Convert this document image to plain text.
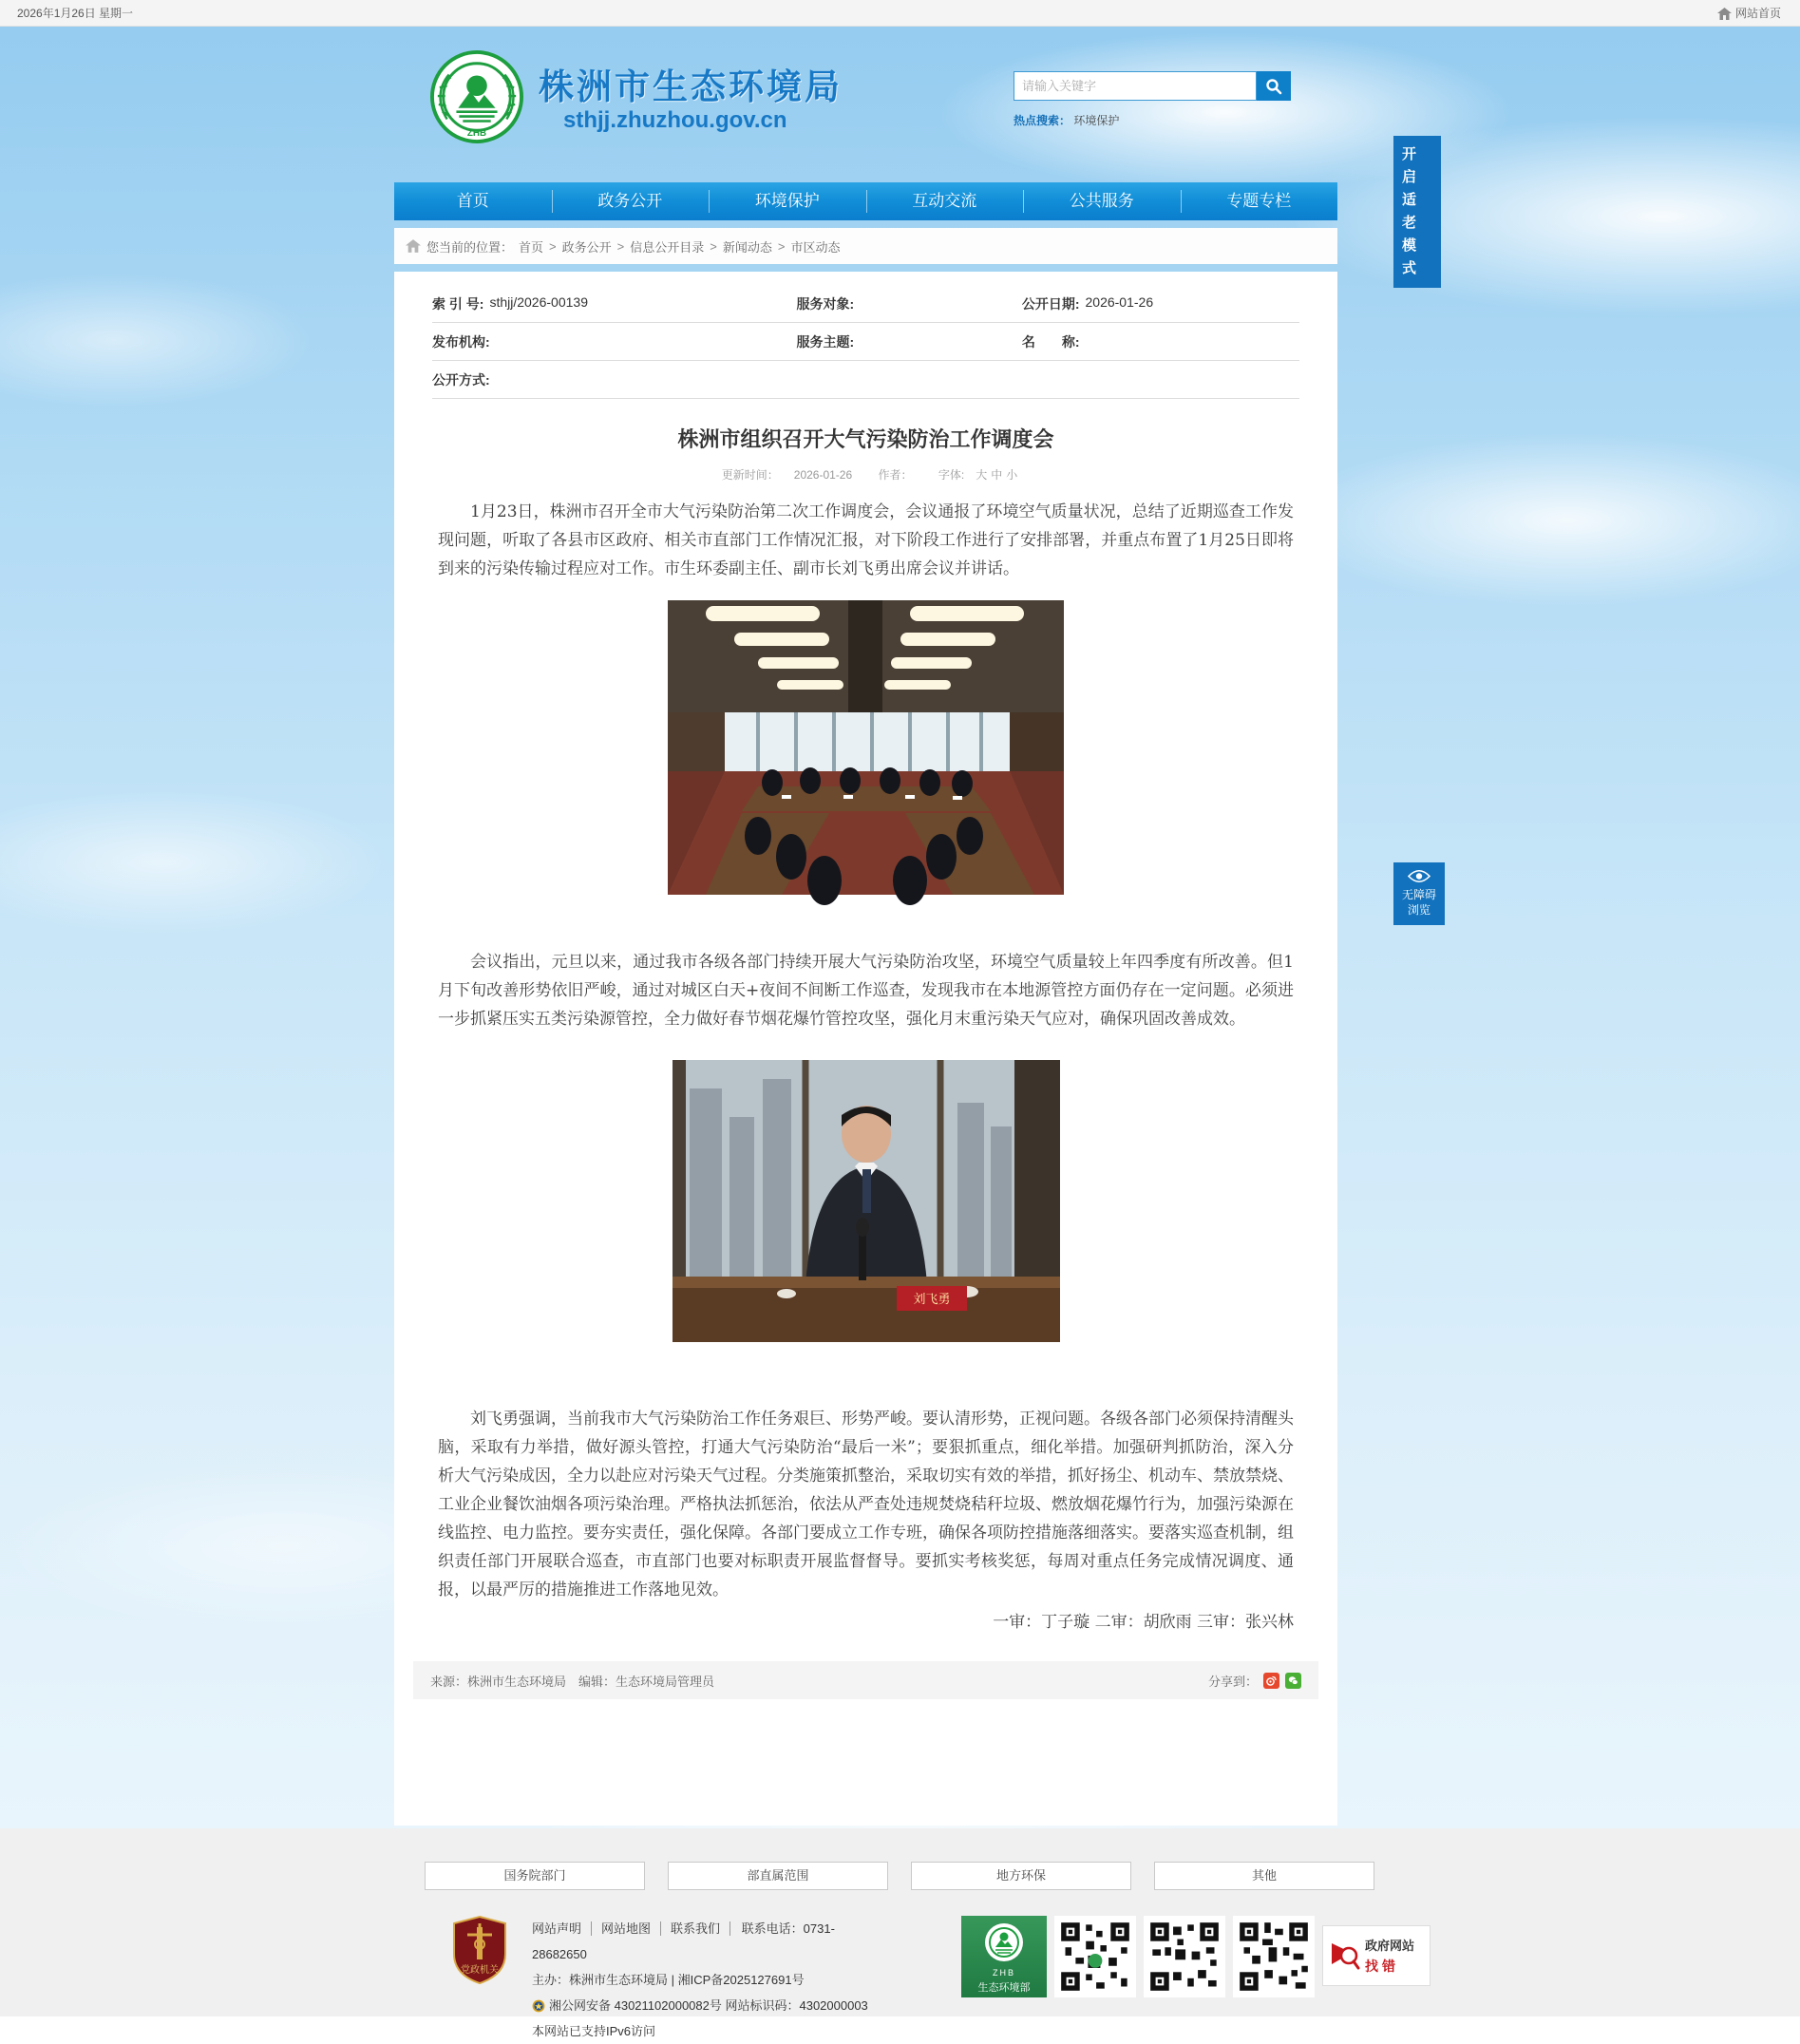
2026年1月26日 星期一	网站首页
ZHB
株洲市生态环境局
sthjj.zhuzhou.gov.cn
请输入关键字	热点搜索： 环境保护
首页	政务公开	环境保护	互动交流	公共服务	专题专栏
您当前的位置： 首页 > 政务公开 > 信息公开目录 > 新闻动态 > 市区动态
索 引 号: sthjj/2026-00139	服务对象:	公开日期: 2026-01-26
发布机构:	服务主题:	名　　称:
公开方式:
株洲市组织召开大气污染防治工作调度会
更新时间： 2026-01-26 作者： 字体: 大 中 小

1月23日，株洲市召开全市大气污染防治第二次工作调度会，会议通报了环境空气质量状况，总结了近期巡查工作发现问题，听取了各县市区政府、相关市直部门工作情况汇报，对下阶段工作进行了安排部署，并重点布置了1月25日即将到来的污染传输过程应对工作。市生环委副主任、副市长刘飞勇出席会议并讲话。

会议指出，元旦以来，通过我市各级各部门持续开展大气污染防治攻坚，环境空气质量较上年四季度有所改善。但1月下旬改善形势依旧严峻，通过对城区白天+夜间不间断工作巡查，发现我市在本地源管控方面仍存在一定问题。必须进一步抓紧压实五类污染源管控，全力做好春节烟花爆竹管控攻坚，强化月末重污染天气应对，确保巩固改善成效。

刘飞勇

刘飞勇强调，当前我市大气污染防治工作任务艰巨、形势严峻。要认清形势，正视问题。各级各部门必须保持清醒头脑，采取有力举措，做好源头管控，打通大气污染防治“最后一米”；要狠抓重点，细化举措。加强研判抓防治，深入分析大气污染成因，全力以赴应对污染天气过程。分类施策抓整治，采取切实有效的举措，抓好扬尘、机动车、禁放禁烧、工业企业餐饮油烟各项污染治理。严格执法抓惩治，依法从严查处违规焚烧秸秆垃圾、燃放烟花爆竹行为，加强污染源在线监控、电力监控。要夯实责任，强化保障。各部门要成立工作专班，确保各项防控措施落细落实。要落实巡查机制，组织责任部门开展联合巡查，市直部门也要对标职责开展监督督导。要抓实考核奖惩，每周对重点任务完成情况调度、通报，以最严厉的措施推进工作落地见效。

一审：丁子璇 二审：胡欣雨 三审：张兴林

来源：株洲市生态环境局　编辑：生态环境局管理员	分享到：
开启适老模式
无障碍浏览
国务院部门	部直属范围	地方环保	其他
党政机关
网站声明 网站地图 联系我们 联系电话：0731-28682650
主办：株洲市生态环境局 | 湘ICP备2025127691号
湘公网安备 43021102000082号 网站标识码：4302000003
本网站已支持IPv6访问
ZHB
生态环境部
政府网站
找错
